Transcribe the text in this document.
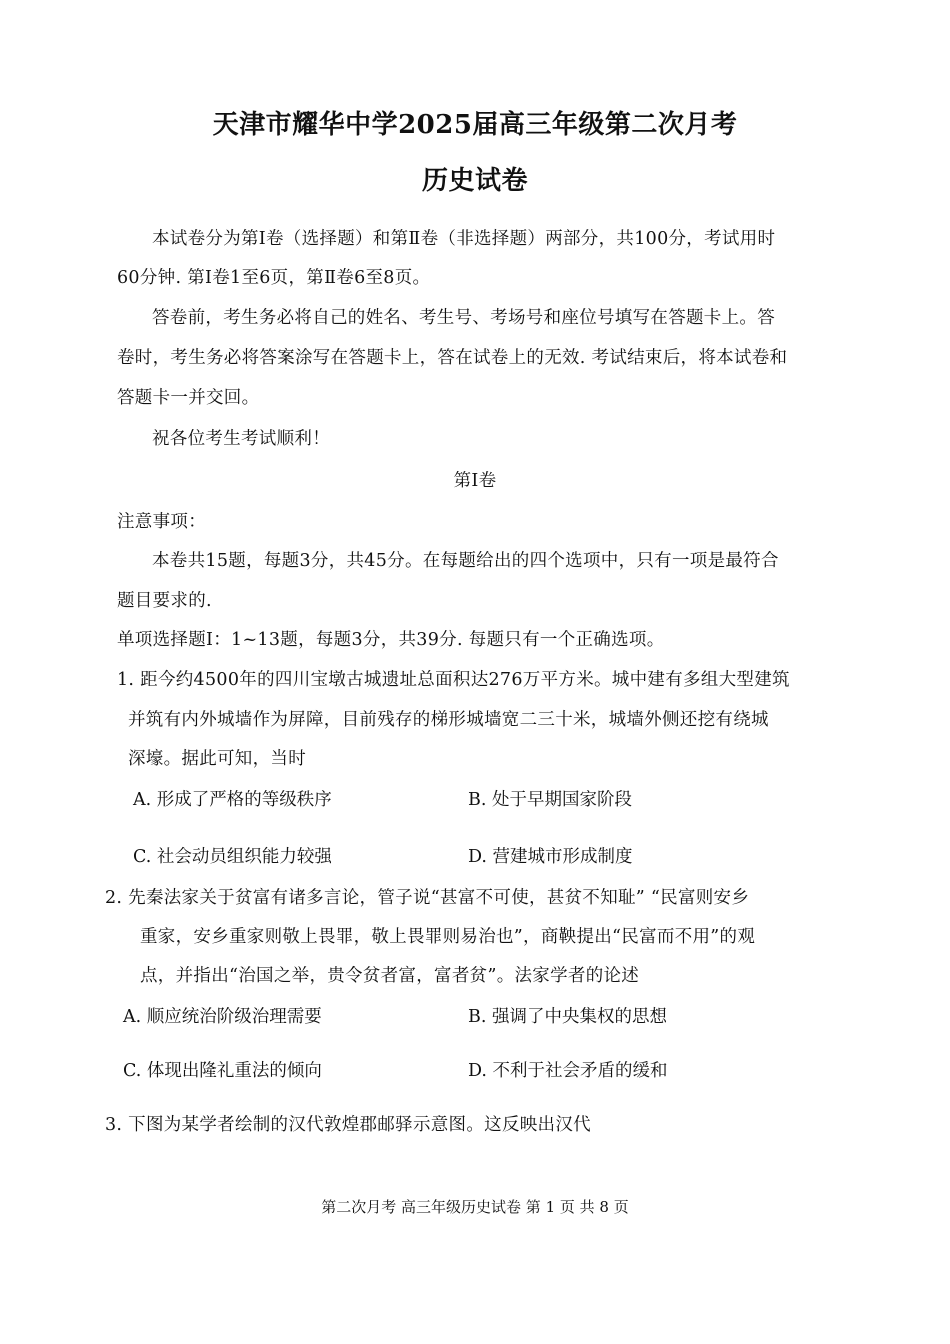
天津市耀华中学2025届高三年级第二次月考
历史试卷
本试卷分为第Ⅰ卷（选择题）和第Ⅱ卷（非选择题）两部分，共100分，考试用时
60分钟. 第Ⅰ卷1至6页，第Ⅱ卷6至8页。
答卷前，考生务必将自己的姓名、考生号、考场号和座位号填写在答题卡上。答
卷时，考生务必将答案涂写在答题卡上，答在试卷上的无效. 考试结束后，将本试卷和
答题卡一并交回。
祝各位考生考试顺利！
第Ⅰ卷
注意事项：
本卷共15题，每题3分，共45分。在每题给出的四个选项中，只有一项是最符合
题目要求的.
单项选择题Ⅰ：1~13题，每题3分，共39分. 每题只有一个正确选项。
1. 距今约4500年的四川宝墩古城遗址总面积达276万平方米。城中建有多组大型建筑
并筑有内外城墙作为屏障，目前残存的梯形城墙宽二三十米，城墙外侧还挖有绕城
深壕。据此可知，当时
A. 形成了严格的等级秩序	B. 处于早期国家阶段
C. 社会动员组织能力较强	D. 营建城市形成制度
2. 先秦法家关于贫富有诸多言论，管子说“甚富不可使，甚贫不知耻” “民富则安乡
重家，安乡重家则敬上畏罪，敬上畏罪则易治也”，商鞅提出“民富而不用”的观
点，并指出“治国之举，贵令贫者富，富者贫”。法家学者的论述
A. 顺应统治阶级治理需要	B. 强调了中央集权的思想
C. 体现出隆礼重法的倾向	D. 不利于社会矛盾的缓和
3. 下图为某学者绘制的汉代敦煌郡邮驿示意图。这反映出汉代
第二次月考 高三年级历史试卷 第 1 页 共 8 页
